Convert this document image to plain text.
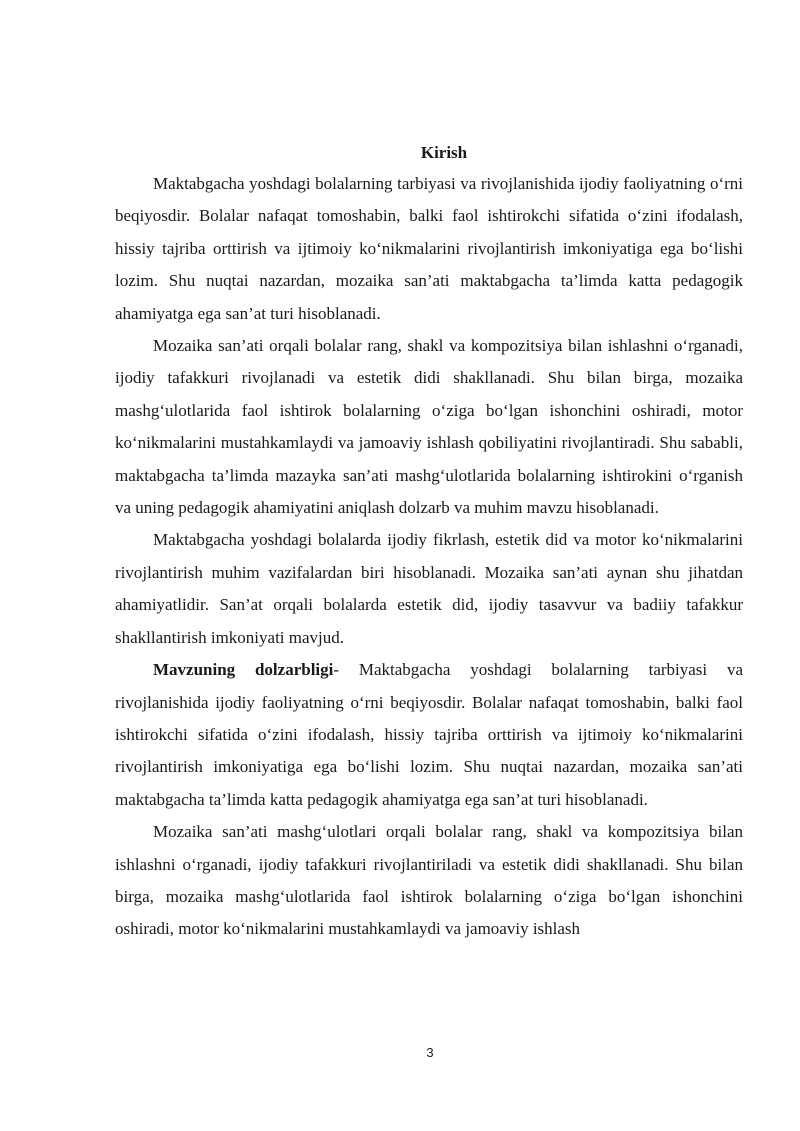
Kirish

Maktabgacha yoshdagi bolalarning tarbiyasi va rivojlanishida ijodiy faoliyatning o‘rni beqiyosdir. Bolalar nafaqat tomoshabin, balki faol ishtirokchi sifatida o‘zini ifodalash, hissiy tajriba orttirish va ijtimoiy ko‘nikmalarini rivojlantirish imkoniyatiga ega bo‘lishi lozim. Shu nuqtai nazardan, mozaika san’ati maktabgacha ta’limda katta pedagogik ahamiyatga ega san’at turi hisoblanadi.

Mozaika san’ati orqali bolalar rang, shakl va kompozitsiya bilan ishlashni o‘rganadi, ijodiy tafakkuri rivojlanadi va estetik didi shakllanadi. Shu bilan birga, mozaika mashg‘ulotlarida faol ishtirok bolalarning o‘ziga bo‘lgan ishonchini oshiradi, motor ko‘nikmalarini mustahkamlaydi va jamoaviy ishlash qobiliyatini rivojlantiradi. Shu sababli, maktabgacha ta’limda mazayka san’ati mashg‘ulotlarida bolalarning ishtirokini o‘rganish va uning pedagogik ahamiyatini aniqlash dolzarb va muhim mavzu hisoblanadi.

Maktabgacha yoshdagi bolalarda ijodiy fikrlash, estetik did va motor ko‘nikmalarini rivojlantirish muhim vazifalardan biri hisoblanadi. Mozaika san’ati aynan shu jihatdan ahamiyatlidir. San’at orqali bolalarda estetik did, ijodiy tasavvur va badiiy tafakkur shakllantirish imkoniyati mavjud.

Mavzuning dolzarbligi- Maktabgacha yoshdagi bolalarning tarbiyasi va rivojlanishida ijodiy faoliyatning o‘rni beqiyosdir. Bolalar nafaqat tomoshabin, balki faol ishtirokchi sifatida o‘zini ifodalash, hissiy tajriba orttirish va ijtimoiy ko‘nikmalarini rivojlantirish imkoniyatiga ega bo‘lishi lozim. Shu nuqtai nazardan, mozaika san’ati maktabgacha ta’limda katta pedagogik ahamiyatga ega san’at turi hisoblanadi.

Mozaika san’ati mashg‘ulotlari orqali bolalar rang, shakl va kompozitsiya bilan ishlashni o‘rganadi, ijodiy tafakkuri rivojlantiriladi va estetik didi shakllanadi. Shu bilan birga, mozaika mashg‘ulotlarida faol ishtirok bolalarning o‘ziga bo‘lgan ishonchini oshiradi, motor ko‘nikmalarini mustahkamlaydi va jamoaviy ishlash

3
